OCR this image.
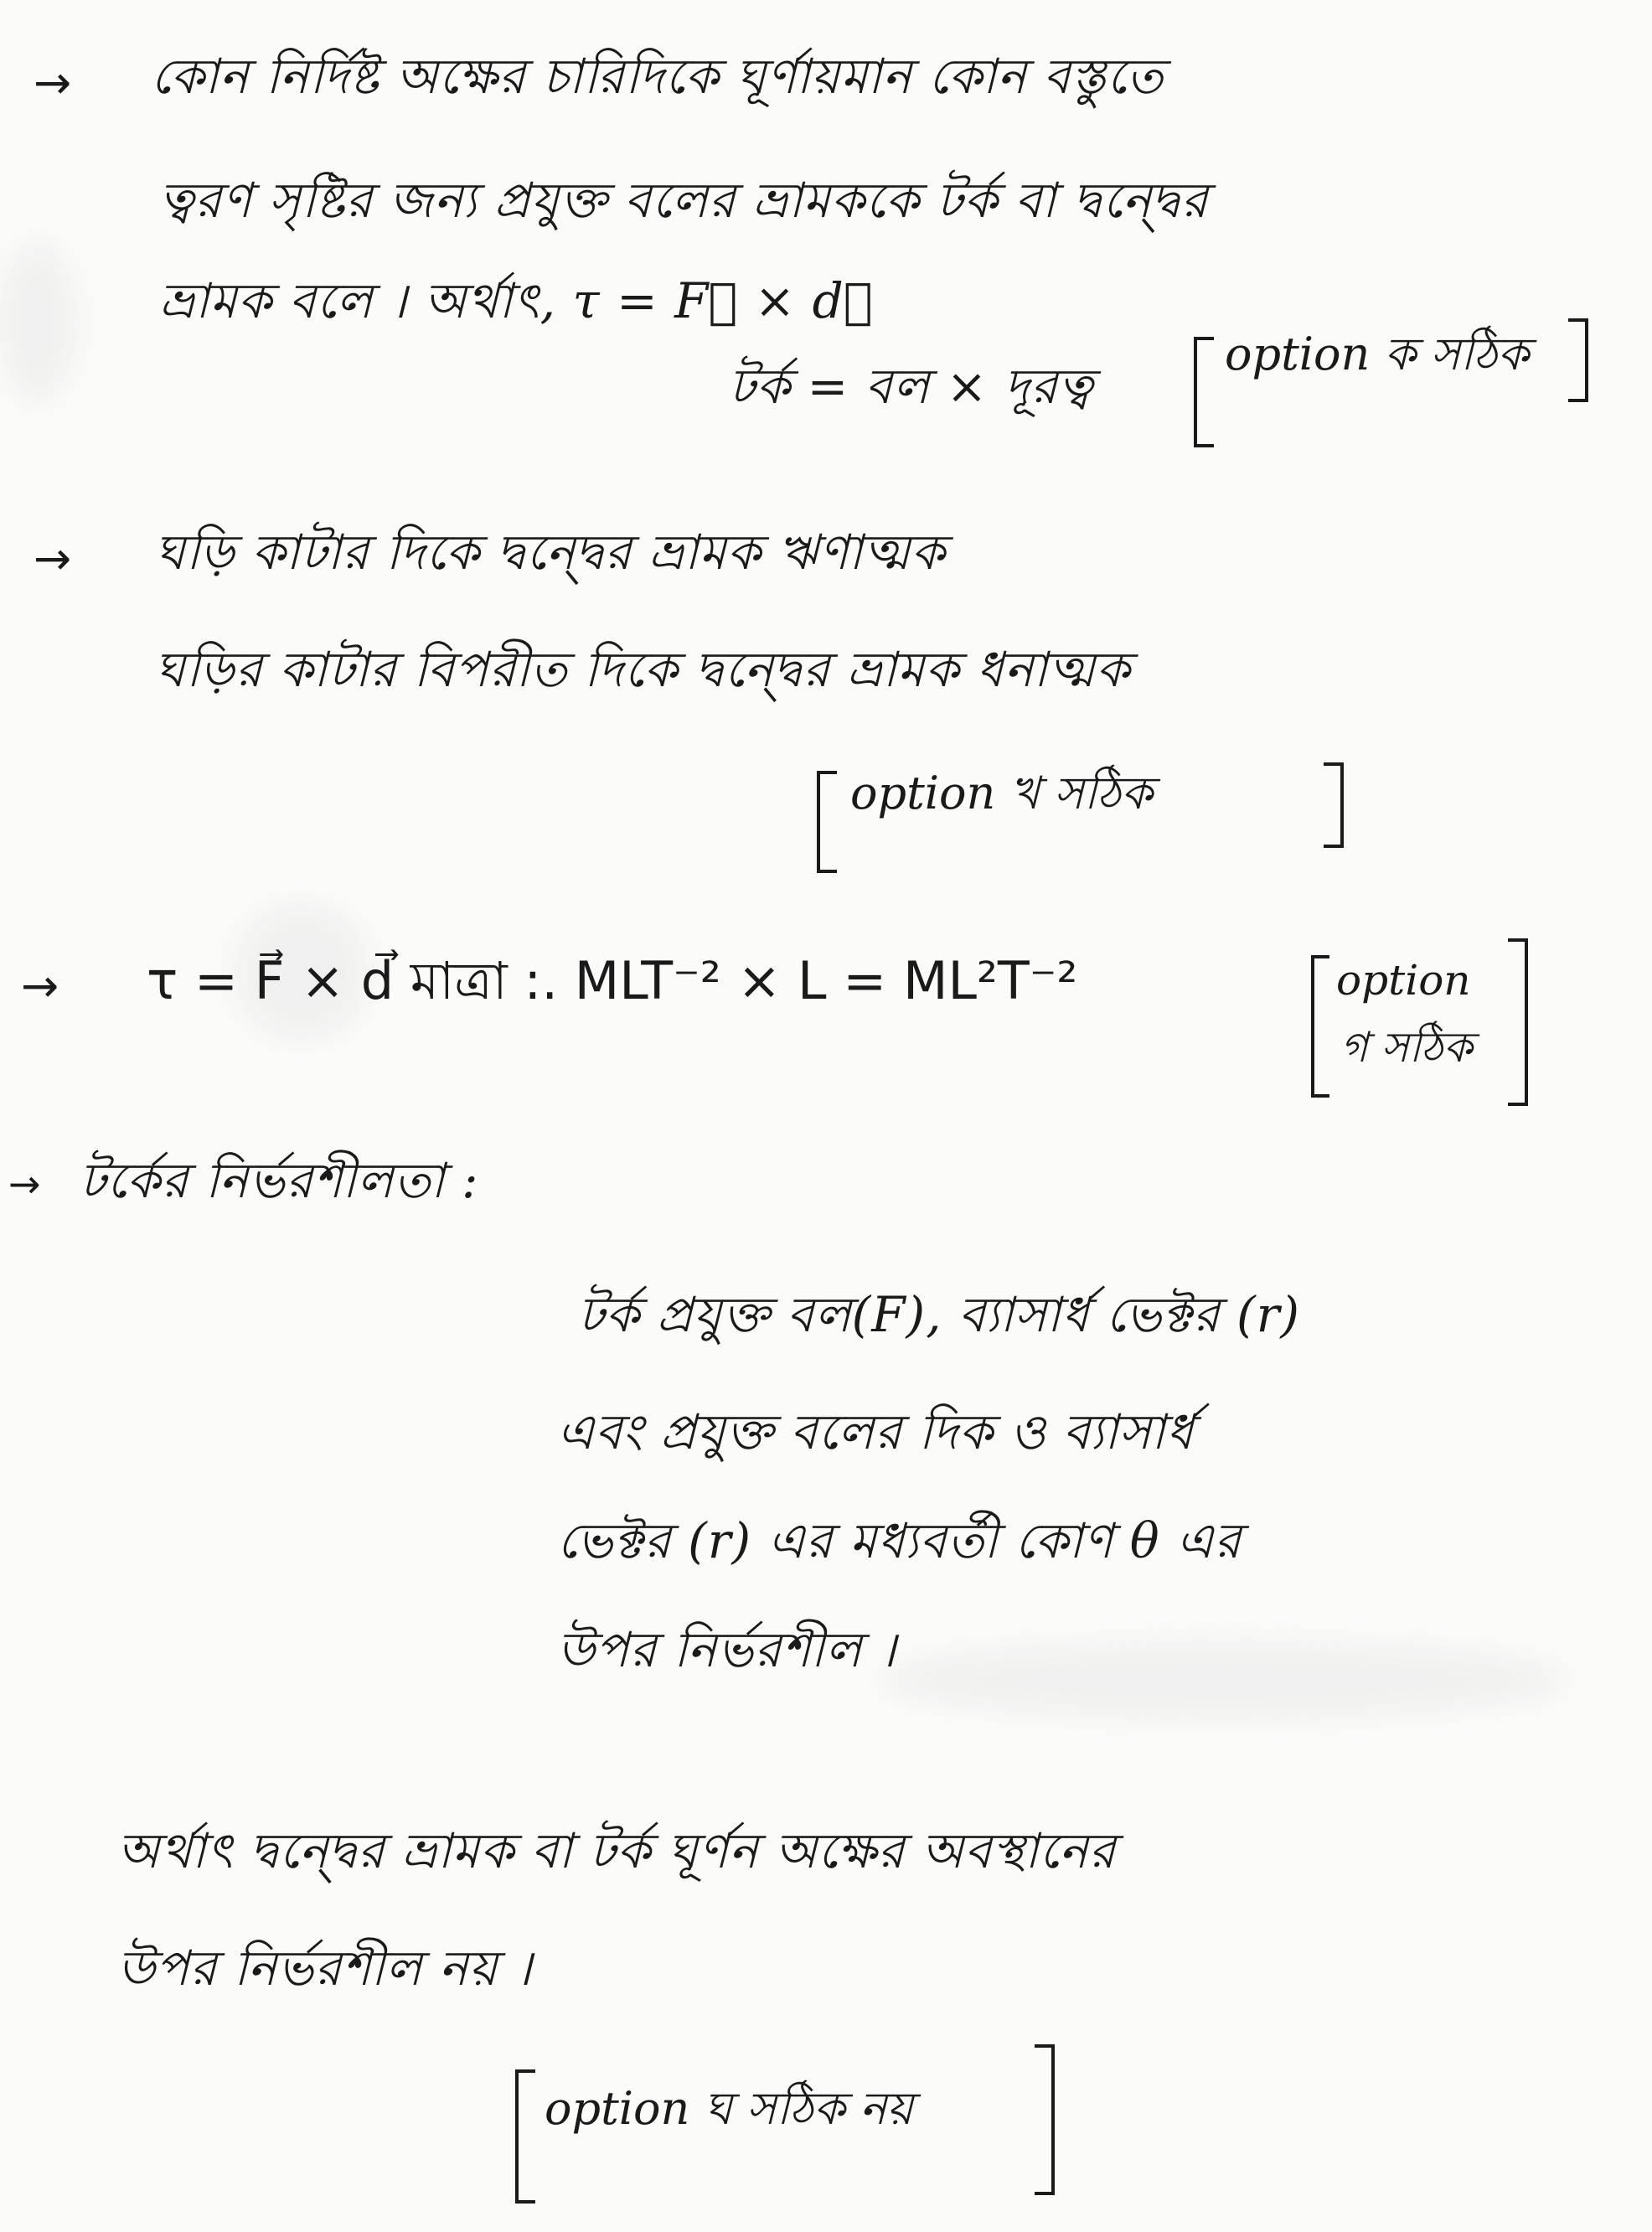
→ কোন নির্দিষ্ট অক্ষের চারিদিকে ঘূর্ণায়মান কোন বস্তুতে
ত্বরণ সৃষ্টির জন্য প্রযুক্ত বলের ভ্রামককে টর্ক বা দ্বন্দ্বের
ভ্রামক বলে । অর্থাৎ, τ = F⃗ × d⃗
টর্ক = বল × দূরত্ব
option ক সঠিক
→ ঘড়ি কাটার দিকে দ্বন্দ্বের ভ্রামক ঋণাত্মক
ঘড়ির কাটার বিপরীত দিকে দ্বন্দ্বের ভ্রামক ধনাত্মক
option খ সঠিক
→ τ = F⃗ × d⃗ মাত্রা :. MLT⁻² × L = ML²T⁻²	option
গ সঠিক
→ টর্কের নির্ভরশীলতা :
টর্ক প্রযুক্ত বল(F), ব্যাসার্ধ ভেক্টর (r)
এবং প্রযুক্ত বলের দিক ও ব্যাসার্ধ
ভেক্টর (r) এর মধ্যবর্তী কোণ θ এর
উপর নির্ভরশীল ।
অর্থাৎ দ্বন্দ্বের ভ্রামক বা টর্ক ঘূর্ণন অক্ষের অবস্থানের
উপর নির্ভরশীল নয় ।
option ঘ সঠিক নয়
